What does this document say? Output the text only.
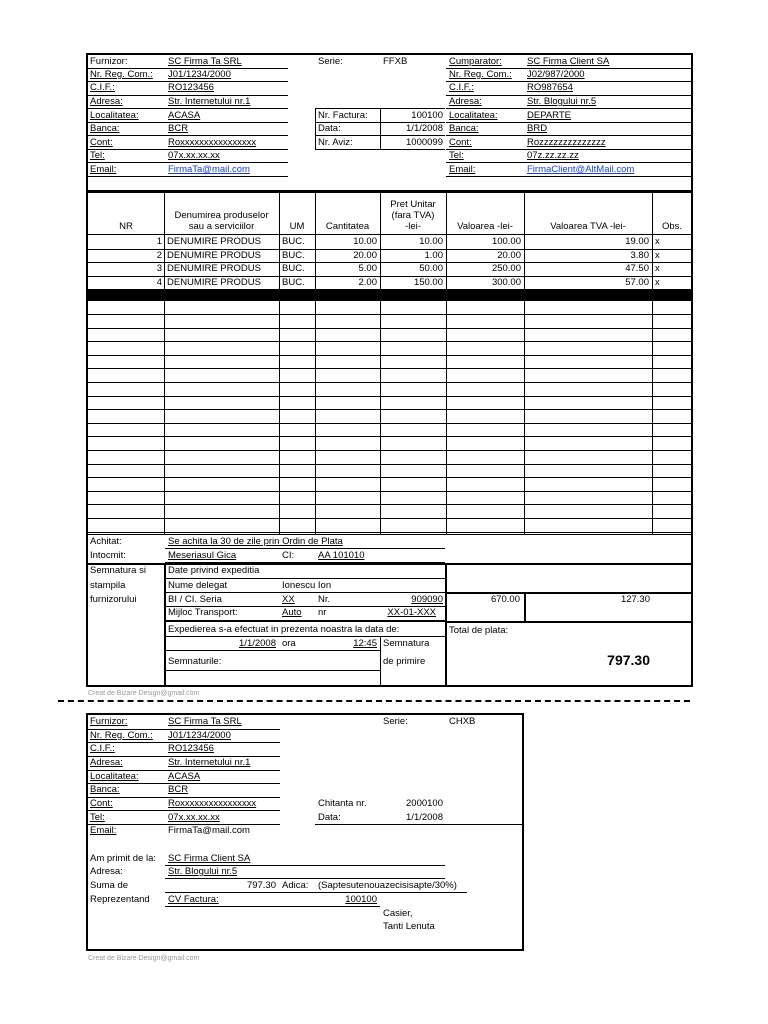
Furnizor:	SC Firma Ta SRL
Nr. Reg. Com.: J01/1234/2000
C.I.F.:	RO123456
Adresa:	Str. Internetului nr.1
Localitatea:	ACASA
Banca:	BCR
Cont:	Roxxxxxxxxxxxxxxxx
Tel:	07x.xx.xx.xx
Email:	FirmaTa@mail.com
Serie:	FFXB
Nr. Factura:	100100
Data:	1/1/2008
Nr. Aviz:	1000099
Cumparator:	SC Firma Client SA
Nr. Reg. Com.: J02/987/2000
C.I.F.:	RO987654
Adresa:	Str. Blogului nr.5
Localitatea:	DEPARTE
Banca:	BRD
Cont:	Rozzzzzzzzzzzzzz
Tel:	07z.zz.zz.zz
Email:	FirmaClient@AltMail.com
NR
Denumirea produselor
sau a serviciilor	UM	Cantitatea
Pret Unitar
(fara TVA)
-lei-	Valoarea -lei-	Valoarea TVA -lei-	Obs.
1 DENUMIRE PRODUS	BUC.	10.00	10.00	100.00	19.00 x
2 DENUMIRE PRODUS	BUC.	20.00	1.00	20.00	3.80 x
3 DENUMIRE PRODUS	BUC.	5.00	50.00	250.00	47.50 x
4 DENUMIRE PRODUS	BUC.	2.00	150.00	300.00	57.00 x
Achitat:	Se achita la 30 de zile prin Ordin de Plata
Intocmit:	Meseriasul Gica	CI:	AA 101010
Semnatura si
stampila
furnizorului
Date privind expeditia
Nume delegat	Ionescu Ion
BI / CI. Seria	XX Nr.	909090
Mijloc Transport:	Auto nr	XX-01-XXX
Expedierea s-a efectuat in prezenta noastra la data de:
1/1/2008 ora	12:45 Semnatura
de primire
Semnaturile:
670.00	127.30
Total de plata:
797.30
Creat de Bizare Design@gmail.com
Furnizor:	SC Firma Ta SRL
Nr. Reg. Com.: J01/1234/2000
C.I.F.:	RO123456
Adresa:	Str. Internetului nr.1
Localitatea:	ACASA
Banca:	BCR
Cont:	Roxxxxxxxxxxxxxxxx
Tel:	07x.xx.xx.xx
Email:	FirmaTa@mail.com
Serie:	CHXB
Chitanta nr.	2000100
Data:	1/1/2008
Am primit de la: SC Firma Client SA
Adresa:	Str. Blogului nr.5
Suma de	797.30 Adica: (Saptesutenouazecisisapte/30%)
Reprezentand CV Factura:	100100
Casier,
Tanti Lenuta
Creat de Bizare Design@gmail.com
